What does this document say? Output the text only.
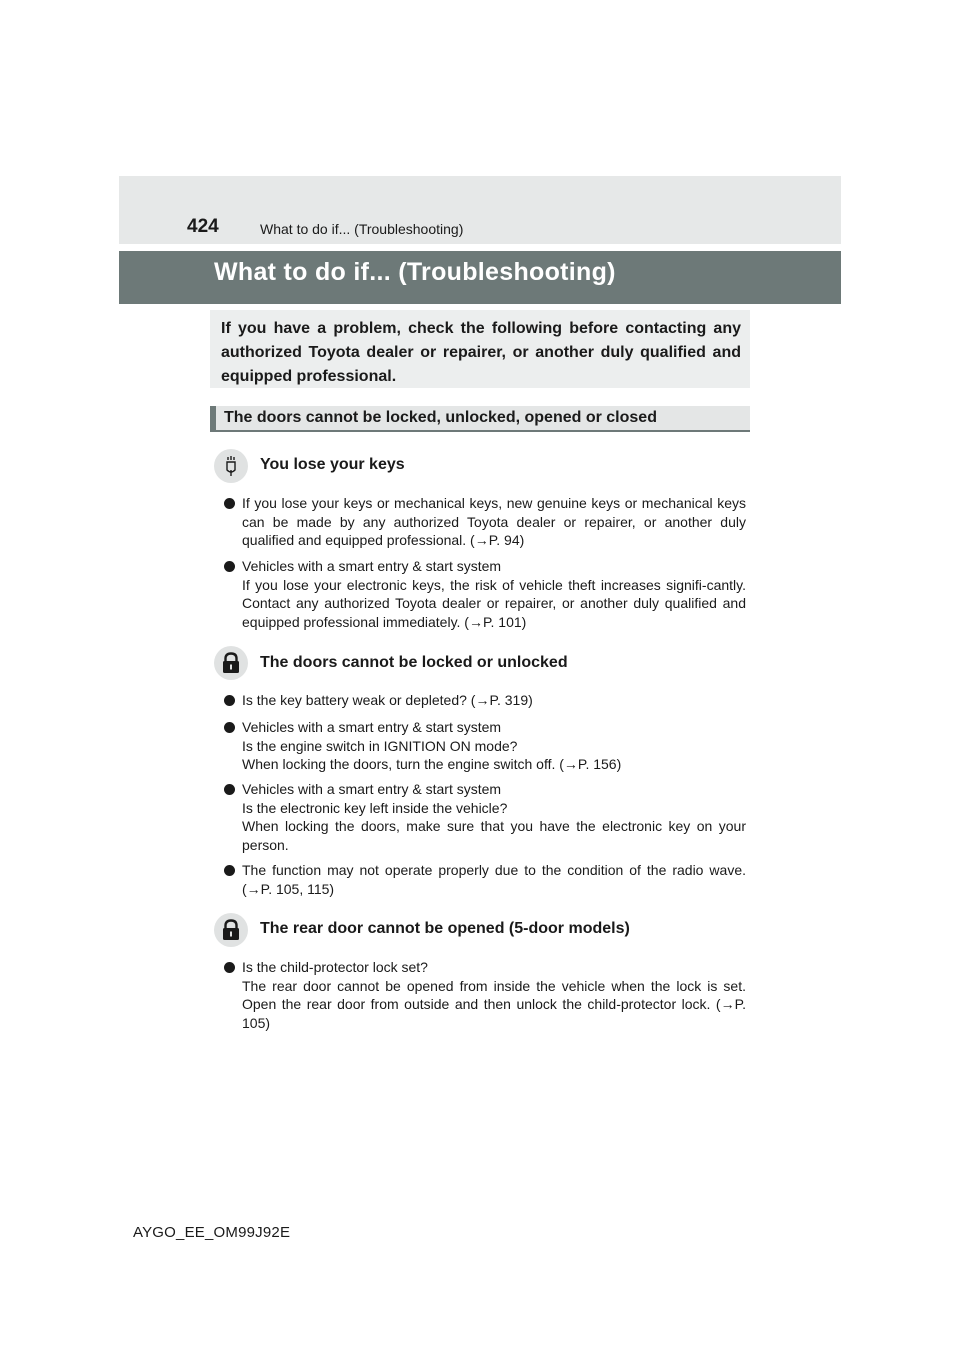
424	What to do if... (Troubleshooting)
What to do if... (Troubleshooting)
If you have a problem, check the following before contacting any authorized Toyota dealer or repairer, or another duly qualified and equipped professional.
The doors cannot be locked, unlocked, opened or closed
You lose your keys
If you lose your keys or mechanical keys, new genuine keys or mechanical keys can be made by any authorized Toyota dealer or repairer, or another duly qualified and equipped professional. (→P. 94)
Vehicles with a smart entry & start system
If you lose your electronic keys, the risk of vehicle theft increases signifi-cantly. Contact any authorized Toyota dealer or repairer, or another duly qualified and equipped professional immediately. (→P. 101)
The doors cannot be locked or unlocked
Is the key battery weak or depleted? (→P. 319)
Vehicles with a smart entry & start system
Is the engine switch in IGNITION ON mode?
When locking the doors, turn the engine switch off. (→P. 156)
Vehicles with a smart entry & start system
Is the electronic key left inside the vehicle?
When locking the doors, make sure that you have the electronic key on your person.
The function may not operate properly due to the condition of the radio wave. (→P. 105, 115)
The rear door cannot be opened (5-door models)
Is the child-protector lock set?
The rear door cannot be opened from inside the vehicle when the lock is set. Open the rear door from outside and then unlock the child-protector lock. (→P. 105)
AYGO_EE_OM99J92E
